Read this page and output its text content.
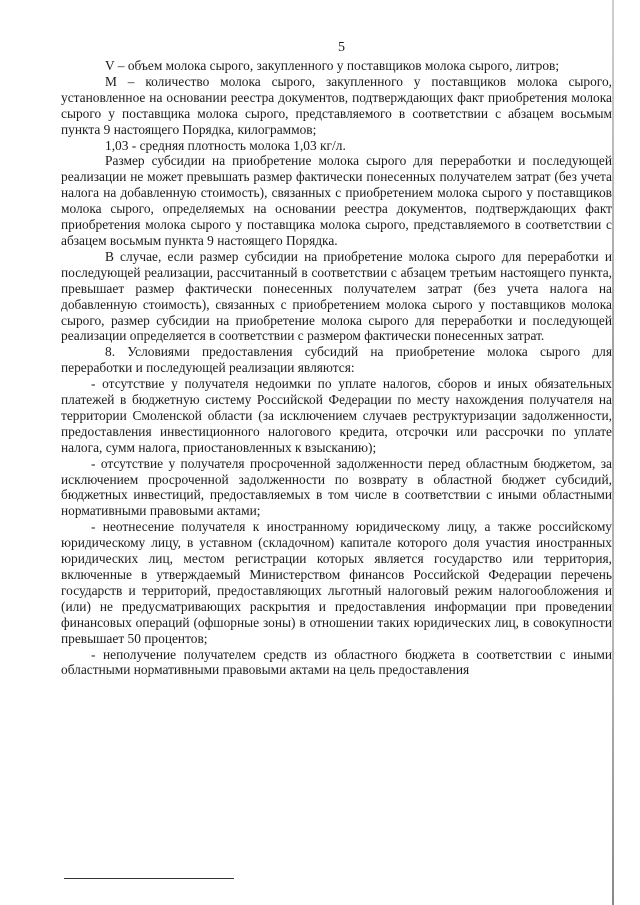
5

V – объем молока сырого, закупленного у поставщиков молока сырого, литров;

М – количество молока сырого, закупленного у поставщиков молока сырого, установленное на основании реестра документов, подтверждающих факт приобретения молока сырого у поставщика молока сырого, представляемого в соответствии с абзацем восьмым пункта 9 настоящего Порядка, килограммов;

1,03 - средняя плотность молока 1,03 кг/л.

Размер субсидии на приобретение молока сырого для переработки и последующей реализации не может превышать размер фактически понесенных получателем затрат (без учета налога на добавленную стоимость), связанных с приобретением молока сырого у поставщиков молока сырого, определяемых на основании реестра документов, подтверждающих факт приобретения молока сырого у поставщика молока сырого, представляемого в соответствии с абзацем восьмым пункта 9 настоящего Порядка.

В случае, если размер субсидии на приобретение молока сырого для переработки и последующей реализации, рассчитанный в соответствии с абзацем третьим настоящего пункта, превышает размер фактически понесенных получателем затрат (без учета налога на добавленную стоимость), связанных с приобретением молока сырого у поставщиков молока сырого, размер субсидии на приобретение молока сырого для переработки и последующей реализации определяется в соответствии с размером фактически понесенных затрат.

8. Условиями предоставления субсидий на приобретение молока сырого для переработки и последующей реализации являются:

- отсутствие у получателя недоимки по уплате налогов, сборов и иных обязательных платежей в бюджетную систему Российской Федерации по месту нахождения получателя на территории Смоленской области (за исключением случаев реструктуризации задолженности, предоставления инвестиционного налогового кредита, отсрочки или рассрочки по уплате налога, сумм налога, приостановленных к взысканию);

- отсутствие у получателя просроченной задолженности перед областным бюджетом, за исключением просроченной задолженности по возврату в областной бюджет субсидий, бюджетных инвестиций, предоставляемых в том числе в соответствии с иными областными нормативными правовыми актами;

- неотнесение получателя к иностранному юридическому лицу, а также российскому юридическому лицу, в уставном (складочном) капитале которого доля участия иностранных юридических лиц, местом регистрации которых является государство или территория, включенные в утверждаемый Министерством финансов Российской Федерации перечень государств и территорий, предоставляющих льготный налоговый режим налогообложения и (или) не предусматривающих раскрытия и предоставления информации при проведении финансовых операций (офшорные зоны) в отношении таких юридических лиц, в совокупности превышает 50 процентов;

- неполучение получателем средств из областного бюджета в соответствии с иными областными нормативными правовыми актами на цель предоставления
